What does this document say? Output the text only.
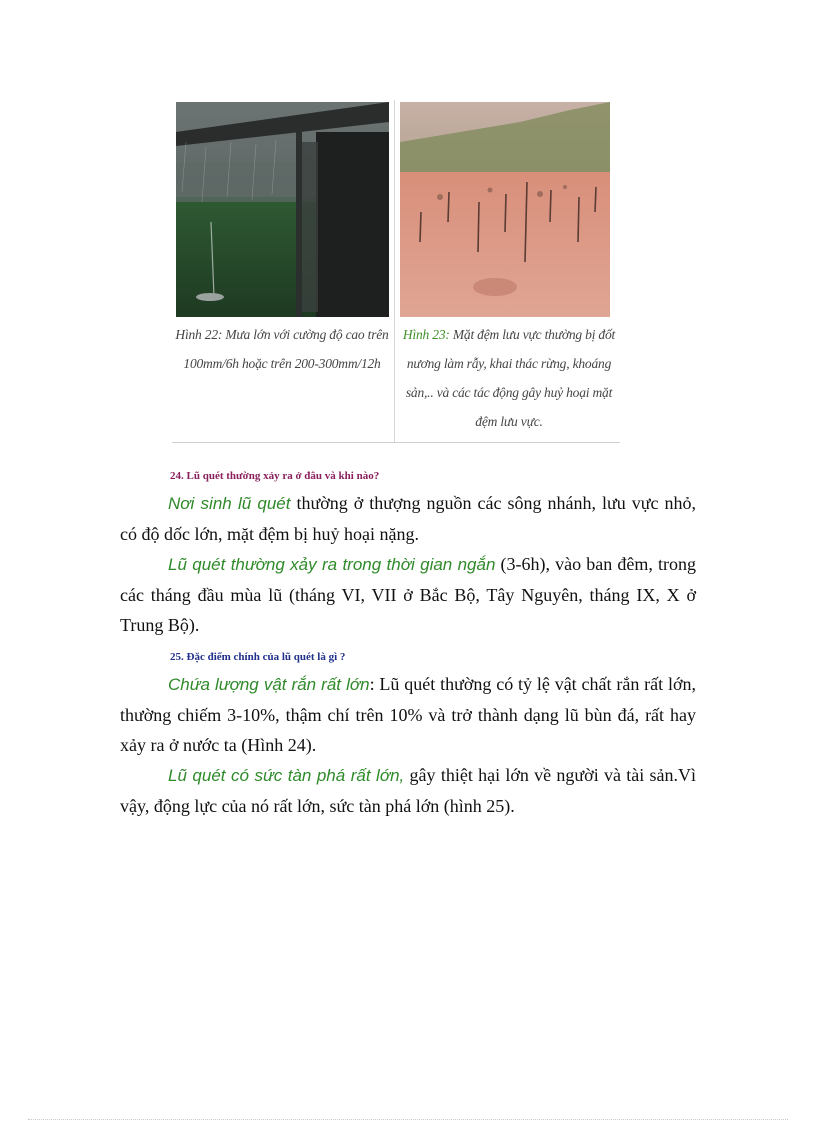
Hình 22: Mưa lớn với cường độ cao trên 100mm/6h hoặc trên 200-300mm/12h
Hình 23: Mặt đệm lưu vực thường bị đốt nương làm rẫy, khai thác rừng, khoáng sản,.. và các tác động gây huỷ hoại mặt đệm lưu vực.
24. Lũ quét thường xảy ra ở đâu và khi nào?
Nơi sinh lũ quét thường ở thượng nguồn các sông nhánh, lưu vực nhỏ, có độ dốc lớn, mặt đệm bị huỷ hoại nặng.
Lũ quét thường xảy ra trong thời gian ngắn (3-6h), vào ban đêm, trong các tháng đầu mùa lũ (tháng VI, VII ở Bắc Bộ, Tây Nguyên, tháng IX, X ở Trung Bộ).
25. Đặc điểm chính của lũ quét là gì ?
Chứa lượng vật rắn rất lớn: Lũ quét thường có tỷ lệ vật chất rắn rất lớn, thường chiếm 3-10%, thậm chí trên 10% và trở thành dạng lũ bùn đá, rất hay xảy ra ở nước ta (Hình 24).
Lũ quét có sức tàn phá rất lớn, gây thiệt hại lớn về người và tài sản.Vì vậy, động lực của nó rất lớn, sức tàn phá lớn (hình 25).
